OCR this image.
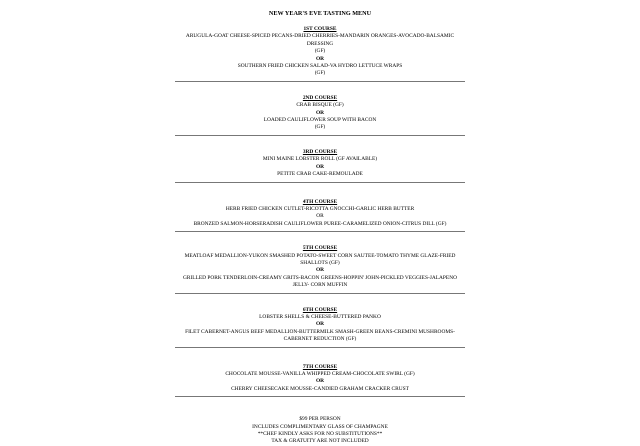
NEW YEAR'S EVE TASTING MENU
1ST COURSE
ARUGULA-GOAT CHEESE-SPICED PECANS-DRIED CHERRIES-MANDARIN ORANGES-AVOCADO-BALSAMIC DRESSING
(GF)
OR
SOUTHERN FRIED CHICKEN SALAD-VA HYDRO LETTUCE WRAPS
(GF)
2ND COURSE
CRAB BISQUE (GF)
OR
LOADED CAULIFLOWER SOUP WITH BACON
(GF)
3RD COURSE
MINI MAINE LOBSTER ROLL (GF AVAILABLE)
OR
PETITE CRAB CAKE-REMOULADE
4TH COURSE
HERB FRIED CHICKEN CUTLET-RICOTTA GNOCCHI-GARLIC HERB BUTTER
OR
BRONZED SALMON-HORSERADISH CAULIFLOWER PUREE-CARAMELIZED ONION-CITRUS DILL (GF)
5TH COURSE
MEATLOAF MEDALLION-YUKON SMASHED POTATO-SWEET CORN SAUTEE-TOMATO THYME GLAZE-FRIED SHALLOTS (GF)
OR
GRILLED PORK TENDERLOIN-CREAMY GRITS-BACON GREENS-HOPPIN' JOHN-PICKLED VEGGIES-JALAPENO JELLY- CORN MUFFIN
6TH COURSE
LOBSTER SHELLS & CHEESE-BUTTERED PANKO
OR
FILET CABERNET-ANGUS BEEF MEDALLION-BUTTERMILK SMASH-GREEN BEANS-CREMINI MUSHROOMS-CABERNET REDUCTION (GF)
7TH COURSE
CHOCOLATE MOUSSE-VANILLA WHIPPED CREAM-CHOCOLATE SWIRL (GF)
OR
CHERRY CHEESECAKE MOUSSE-CANDIED GRAHAM CRACKER CRUST
$99 PER PERSON
INCLUDES COMPLIMENTARY GLASS OF CHAMPAGNE
**CHEF KINDLY ASKS FOR NO SUBSTITUTIONS**
TAX & GRATUITY ARE NOT INCLUDED
